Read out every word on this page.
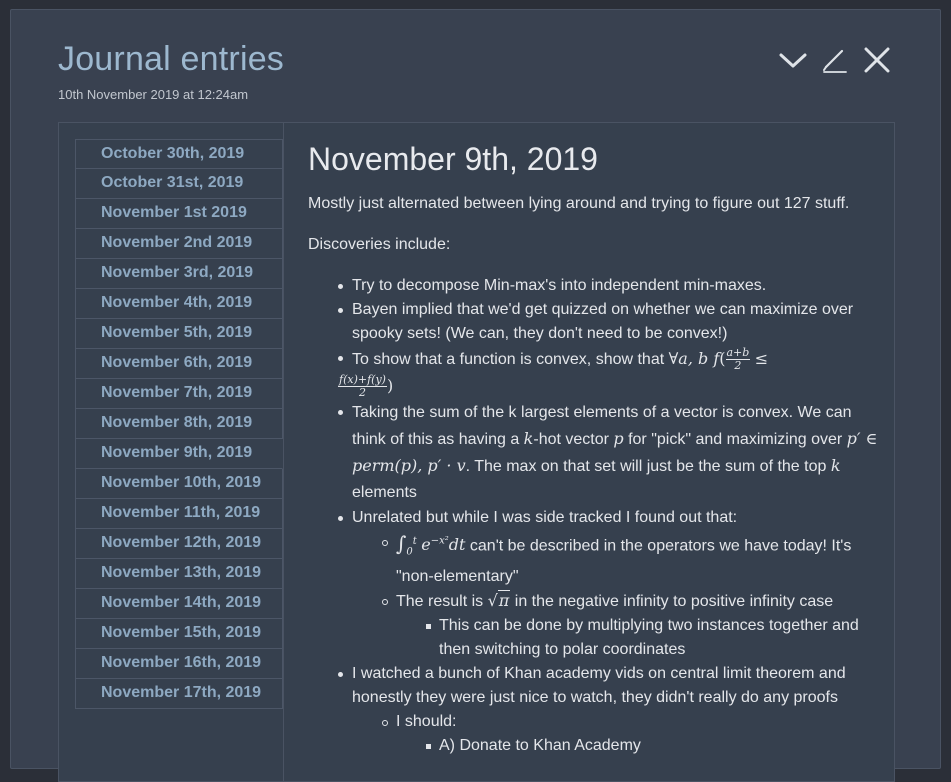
Journal entries
10th November 2019 at 12:24am
October 30th, 2019
October 31st, 2019
November 1st 2019
November 2nd 2019
November 3rd, 2019
November 4th, 2019
November 5th, 2019
November 6th, 2019
November 7th, 2019
November 8th, 2019
November 9th, 2019
November 10th, 2019
November 11th, 2019
November 12th, 2019
November 13th, 2019
November 14th, 2019
November 15th, 2019
November 16th, 2019
November 17th, 2019
November 9th, 2019

Mostly just alternated between lying around and trying to figure out 127 stuff.

Discoveries include:

Try to decompose Min-max's into independent min-maxes.
Bayen implied that we'd get quizzed on whether we can maximize over spooky sets! (We can, they don't need to be convex!)
To show that a function is convex, show that ∀a, b $f( \frac{a+b}{2}$ ≤

$\frac{f(x)+f(y)}{2}$ )
Taking the sum of the k largest elements of a vector is convex. We can think of this as having a k-hot vector p for "pick" and maximizing over p′ ∈ perm(p), p′ · v. The max on that set will just be the sum of the top k elements
Unrelated but while I was side tracked I found out that:
$\int_0^t$ $e^{-x^2}dt$ can't be described in the operators we have today! It's "non-elementary"
The result is √π in the negative infinity to positive infinity case
This can be done by multiplying two instances together and then switching to polar coordinates
I watched a bunch of Khan academy vids on central limit theorem and honestly they were just nice to watch, they didn't really do any proofs
I should:
A) Donate to Khan Academy
